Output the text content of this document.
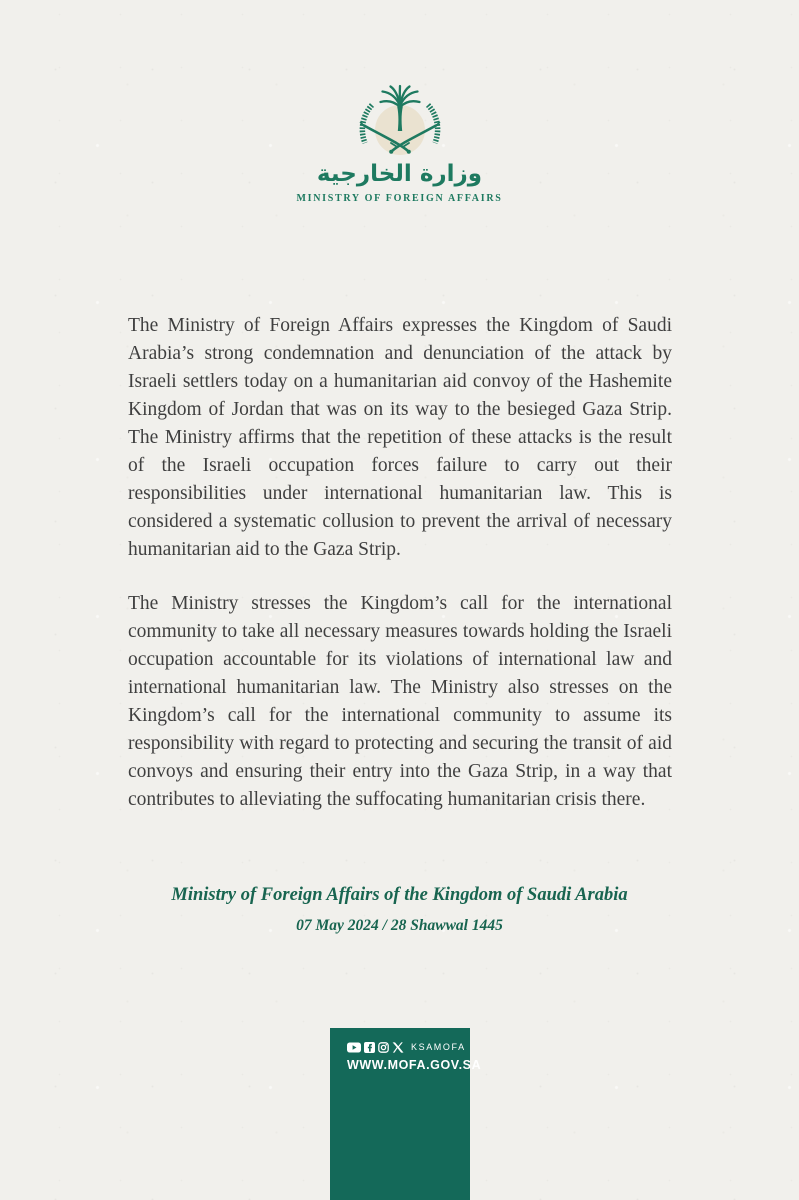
وزارة الخارجية
MINISTRY OF FOREIGN AFFAIRS

The Ministry of Foreign Affairs expresses the Kingdom of Saudi Arabia’s strong condemnation and denunciation of the attack by Israeli settlers today on a humanitarian aid convoy of the Hashemite Kingdom of Jordan that was on its way to the besieged Gaza Strip. The Ministry affirms that the repetition of these attacks is the result of the Israeli occupation forces failure to carry out their responsibilities under international humanitarian law. This is considered a systematic collusion to prevent the arrival of necessary humanitarian aid to the Gaza Strip.

The Ministry stresses the Kingdom’s call for the international community to take all necessary measures towards holding the Israeli occupation accountable for its violations of international law and international humanitarian law. The Ministry also stresses on the Kingdom’s call for the international community to assume its responsibility with regard to protecting and securing the transit of aid convoys and ensuring their entry into the Gaza Strip, in a way that contributes to alleviating the suffocating humanitarian crisis there.

Ministry of Foreign Affairs of the Kingdom of Saudi Arabia
07 May 2024 / 28 Shawwal 1445
KSAMOFA
WWW.MOFA.GOV.SA
